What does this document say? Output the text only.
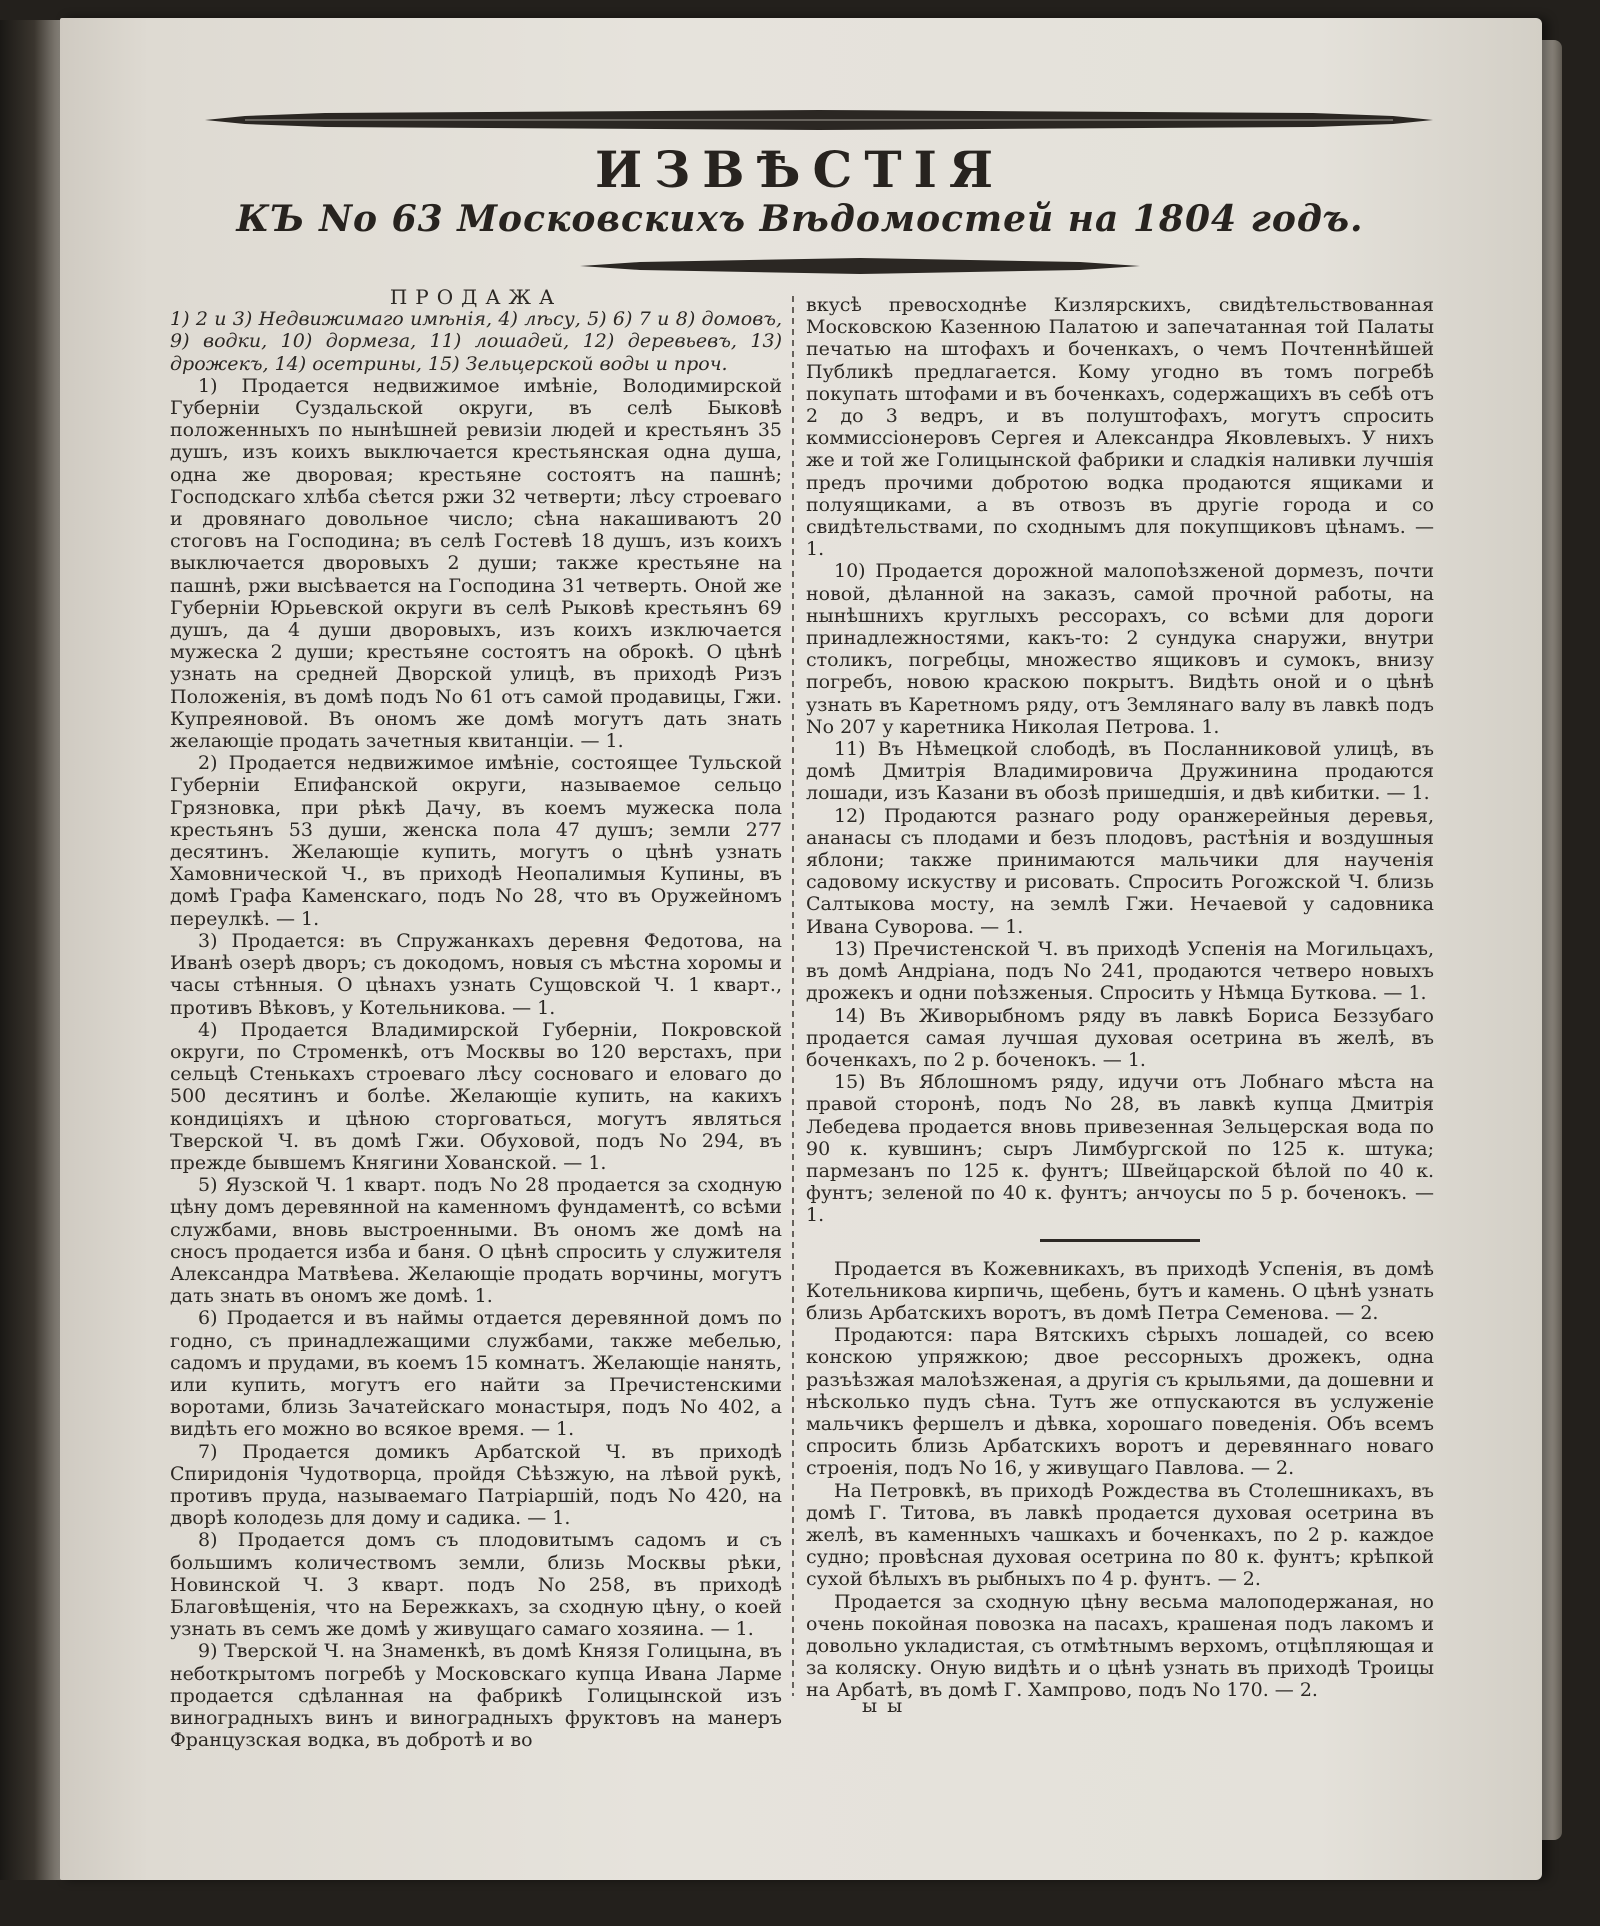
ИЗВѢСТІЯ
КЪ No 63 Московскихъ Вѣдомостей на 1804 годъ.

ПРОДАЖА

1) 2 и 3) Недвижимаго имѣнія, 4) лѣсу, 5) 6) 7 и 8) домовъ, 9) водки, 10) дормеза, 11) лошадей, 12) деревьевъ, 13) дрожекъ, 14) осетрины, 15) Зельцерской воды и проч.

1) Продается недвижимое имѣніе, Володимирской Губерніи Суздальской округи, въ селѣ Быковѣ положенныхъ по нынѣшней ревизіи людей и крестьянъ 35 душъ, изъ коихъ выключается крестьянская одна душа, одна же дворовая; крестьяне состоятъ на пашнѣ; Господскаго хлѣба сѣется ржи 32 четверти; лѣсу строеваго и дровянаго довольное число; сѣна накашиваютъ 20 стоговъ на Господина; въ селѣ Гостевѣ 18 душъ, изъ коихъ выключается дворовыхъ 2 души; также крестьяне на пашнѣ, ржи высѣвается на Господина 31 четверть. Оной же Губерніи Юрьевской округи въ селѣ Рыковѣ крестьянъ 69 душъ, да 4 души дворовыхъ, изъ коихъ изключается мужеска 2 души; крестьяне состоятъ на оброкѣ. О цѣнѣ узнать на средней Дворской улицѣ, въ приходѣ Ризъ Положенія, въ домѣ подъ No 61 отъ самой продавицы, Гжи. Купреяновой. Въ ономъ же домѣ могутъ дать знать желающіе продать зачетныя квитанціи. — 1.

2) Продается недвижимое имѣніе, состоящее Тульской Губерніи Епифанской округи, называемое сельцо Грязновка, при рѣкѣ Дачу, въ коемъ мужеска пола крестьянъ 53 души, женска пола 47 душъ; земли 277 десятинъ. Желающіе купить, могутъ о цѣнѣ узнать Хамовнической Ч., въ приходѣ Неопалимыя Купины, въ домѣ Графа Каменскаго, подъ No 28, что въ Оружейномъ переулкѣ. — 1.

3) Продается: въ Спружанкахъ деревня Федотова, на Иванѣ озерѣ дворъ; съ докодомъ, новыя съ мѣстна хоромы и часы стѣнныя. О цѣнахъ узнать Сущовской Ч. 1 кварт., противъ Вѣковъ, у Котельникова. — 1.

4) Продается Владимирской Губерніи, Покровской округи, по Строменкѣ, отъ Москвы во 120 верстахъ, при сельцѣ Стенькахъ строеваго лѣсу сосноваго и еловаго до 500 десятинъ и болѣе. Желающіе купить, на какихъ кондиціяхъ и цѣною сторговаться, могутъ являться Тверской Ч. въ домѣ Гжи. Обуховой, подъ No 294, въ прежде бывшемъ Княгини Хованской. — 1.

5) Яузской Ч. 1 кварт. подъ No 28 продается за сходную цѣну домъ деревянной на каменномъ фундаментѣ, со всѣми службами, вновь выстроенными. Въ ономъ же домѣ на сносъ продается изба и баня. О цѣнѣ спросить у служителя Александра Матвѣева. Желающіе продать ворчины, могутъ дать знать въ ономъ же домѣ. 1.

6) Продается и въ наймы отдается деревянной домъ по годно, съ принадлежащими службами, также мебелью, садомъ и прудами, въ коемъ 15 комнатъ. Желающіе нанять, или купить, могутъ его найти за Пречистенскими воротами, близь Зачатейскаго монастыря, подъ No 402, а видѣть его можно во всякое время. — 1.

7) Продается домикъ Арбатской Ч. въ приходѣ Спиридонія Чудотворца, пройдя Сѣѣзжую, на лѣвой рукѣ, противъ пруда, называемаго Патріаршій, подъ No 420, на дворѣ колодезь для дому и садика. — 1.

8) Продается домъ съ плодовитымъ садомъ и съ большимъ количествомъ земли, близь Москвы рѣки, Новинской Ч. 3 кварт. подъ No 258, въ приходѣ Благовѣщенія, что на Бережкахъ, за сходную цѣну, о коей узнать въ семъ же домѣ у живущаго самаго хозяина. — 1.

9) Тверской Ч. на Знаменкѣ, въ домѣ Князя Голицына, въ неботкрытомъ погребѣ у Московскаго купца Ивана Ларме продается сдѣланная на фабрикѣ Голицынской изъ виноградныхъ винъ и виноградныхъ фруктовъ на манеръ Французская водка, въ добротѣ и во

вкусѣ превосходнѣе Кизлярскихъ, свидѣтельствованная Московскою Казенною Палатою и запечатанная той Палаты печатью на штофахъ и боченкахъ, о чемъ Почтеннѣйшей Публикѣ предлагается. Кому угодно въ томъ погребѣ покупать штофами и въ боченкахъ, содержащихъ въ себѣ отъ 2 до 3 ведръ, и въ полуштофахъ, могутъ спросить коммиссіонеровъ Сергея и Александра Яковлевыхъ. У нихъ же и той же Голицынской фабрики и сладкія наливки лучшія предъ прочими добротою водка продаются ящиками и полуящиками, а въ отвозъ въ другіе города и со свидѣтельствами, по сходнымъ для покупщиковъ цѣнамъ. — 1.

10) Продается дорожной малопоѣзженой дормезъ, почти новой, дѣланной на заказъ, самой прочной работы, на нынѣшнихъ круглыхъ рессорахъ, со всѣми для дороги принадлежностями, какъ-то: 2 сундука снаружи, внутри столикъ, погребцы, множество ящиковъ и сумокъ, внизу погребъ, новою краскою покрытъ. Видѣть оной и о цѣнѣ узнать въ Каретномъ ряду, отъ Землянаго валу въ лавкѣ подъ No 207 у каретника Николая Петрова. 1.

11) Въ Нѣмецкой слободѣ, въ Посланниковой улицѣ, въ домѣ Дмитрія Владимировича Дружинина продаются лошади, изъ Казани въ обозѣ пришедшія, и двѣ кибитки. — 1.

12) Продаются разнаго роду оранжерейныя деревья, ананасы съ плодами и безъ плодовъ, растѣнія и воздушныя яблони; также принимаются мальчики для наученія садовому искуству и рисовать. Спросить Рогожской Ч. близь Салтыкова мосту, на землѣ Гжи. Нечаевой у садовника Ивана Суворова. — 1.

13) Пречистенской Ч. въ приходѣ Успенія на Могильцахъ, въ домѣ Андріана, подъ No 241, продаются четверо новыхъ дрожекъ и одни поѣзженыя. Спросить у Нѣмца Буткова. — 1.

14) Въ Живорыбномъ ряду въ лавкѣ Бориса Беззубаго продается самая лучшая духовая осетрина въ желѣ, въ боченкахъ, по 2 р. боченокъ. — 1.

15) Въ Яблошномъ ряду, идучи отъ Лобнаго мѣста на правой сторонѣ, подъ No 28, въ лавкѣ купца Дмитрія Лебедева продается вновь привезенная Зельцерская вода по 90 к. кувшинъ; сыръ Лимбургской по 125 к. штука; пармезанъ по 125 к. фунтъ; Швейцарской бѣлой по 40 к. фунтъ; зеленой по 40 к. фунтъ; анчоусы по 5 р. боченокъ. — 1.

Продается въ Кожевникахъ, въ приходѣ Успенія, въ домѣ Котельникова кирпичь, щебень, бутъ и камень. О цѣнѣ узнать близь Арбатскихъ воротъ, въ домѣ Петра Семенова. — 2.

Продаются: пара Вятскихъ сѣрыхъ лошадей, со всею конскою упряжкою; двое рессорныхъ дрожекъ, одна разъѣзжая малоѣзженая, а другія съ крыльями, да дошевни и нѣсколько пудъ сѣна. Тутъ же отпускаются въ услуженіе мальчикъ фершелъ и дѣвка, хорошаго поведенія. Объ всемъ спросить близь Арбатскихъ воротъ и деревяннаго новаго строенія, подъ No 16, у живущаго Павлова. — 2.

На Петровкѣ, въ приходѣ Рождества въ Столешникахъ, въ домѣ Г. Титова, въ лавкѣ продается духовая осетрина въ желѣ, въ каменныхъ чашкахъ и боченкахъ, по 2 р. каждое судно; провѣсная духовая осетрина по 80 к. фунтъ; крѣпкой сухой бѣлыхъ въ рыбныхъ по 4 р. фунтъ. — 2.

Продается за сходную цѣну весьма малоподержаная, но очень покойная повозка на пасахъ, крашеная подъ лакомъ и довольно укладистая, съ отмѣтнымъ верхомъ, отцѣпляющая и за коляску. Оную видѣть и о цѣнѣ узнать въ приходѣ Троицы на Арбатѣ, въ домѣ Г. Хампрово, подъ No 170. — 2.

ы ы
